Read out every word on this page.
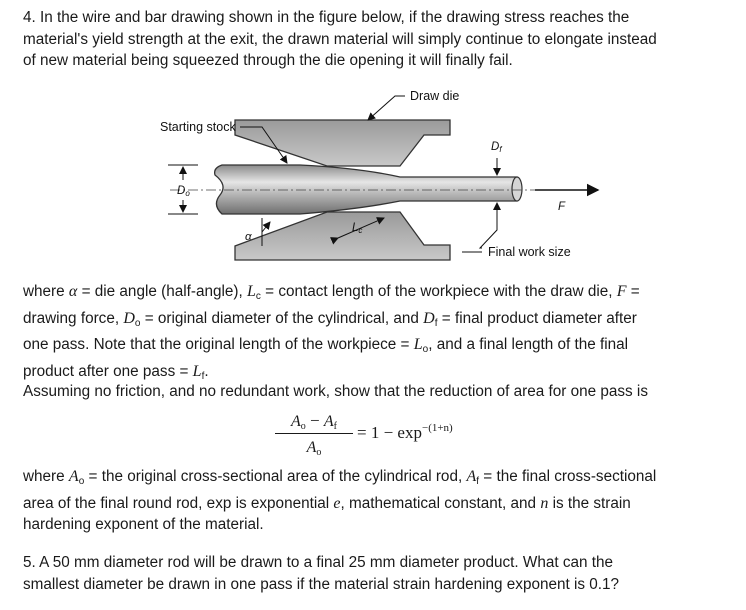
4. In the wire and bar drawing shown in the figure below, if the drawing stress reaches the
material's yield strength at the exit, the drawn material will simply continue to elongate instead
of new material being squeezed through the die opening it will finally fail.
Draw die
Starting stock
Do
Df
Final work size
F
α
Lc
where α = die angle (half-angle), $L_c$ = contact length of the workpiece with the draw die, F =
drawing force, $D_o$ = original diameter of the cylindrical, and $D_f$ = final product diameter after
one pass. Note that the original length of the workpiece = $L_o$, and a final length of the final
product after one pass = $L_f$.
Assuming no friction, and no redundant work, show that the reduction of area for one pass is
$A_o - A_f$
$A_o$
= $1 - \exp^{-(1+n)}$
where $A_o$ = the original cross-sectional area of the cylindrical rod, $A_f$ = the final cross-sectional
area of the final round rod, exp is exponential e, mathematical constant, and n is the strain
hardening exponent of the material.
5. A 50 mm diameter rod will be drawn to a final 25 mm diameter product. What can the
smallest diameter be drawn in one pass if the material strain hardening exponent is 0.1?
